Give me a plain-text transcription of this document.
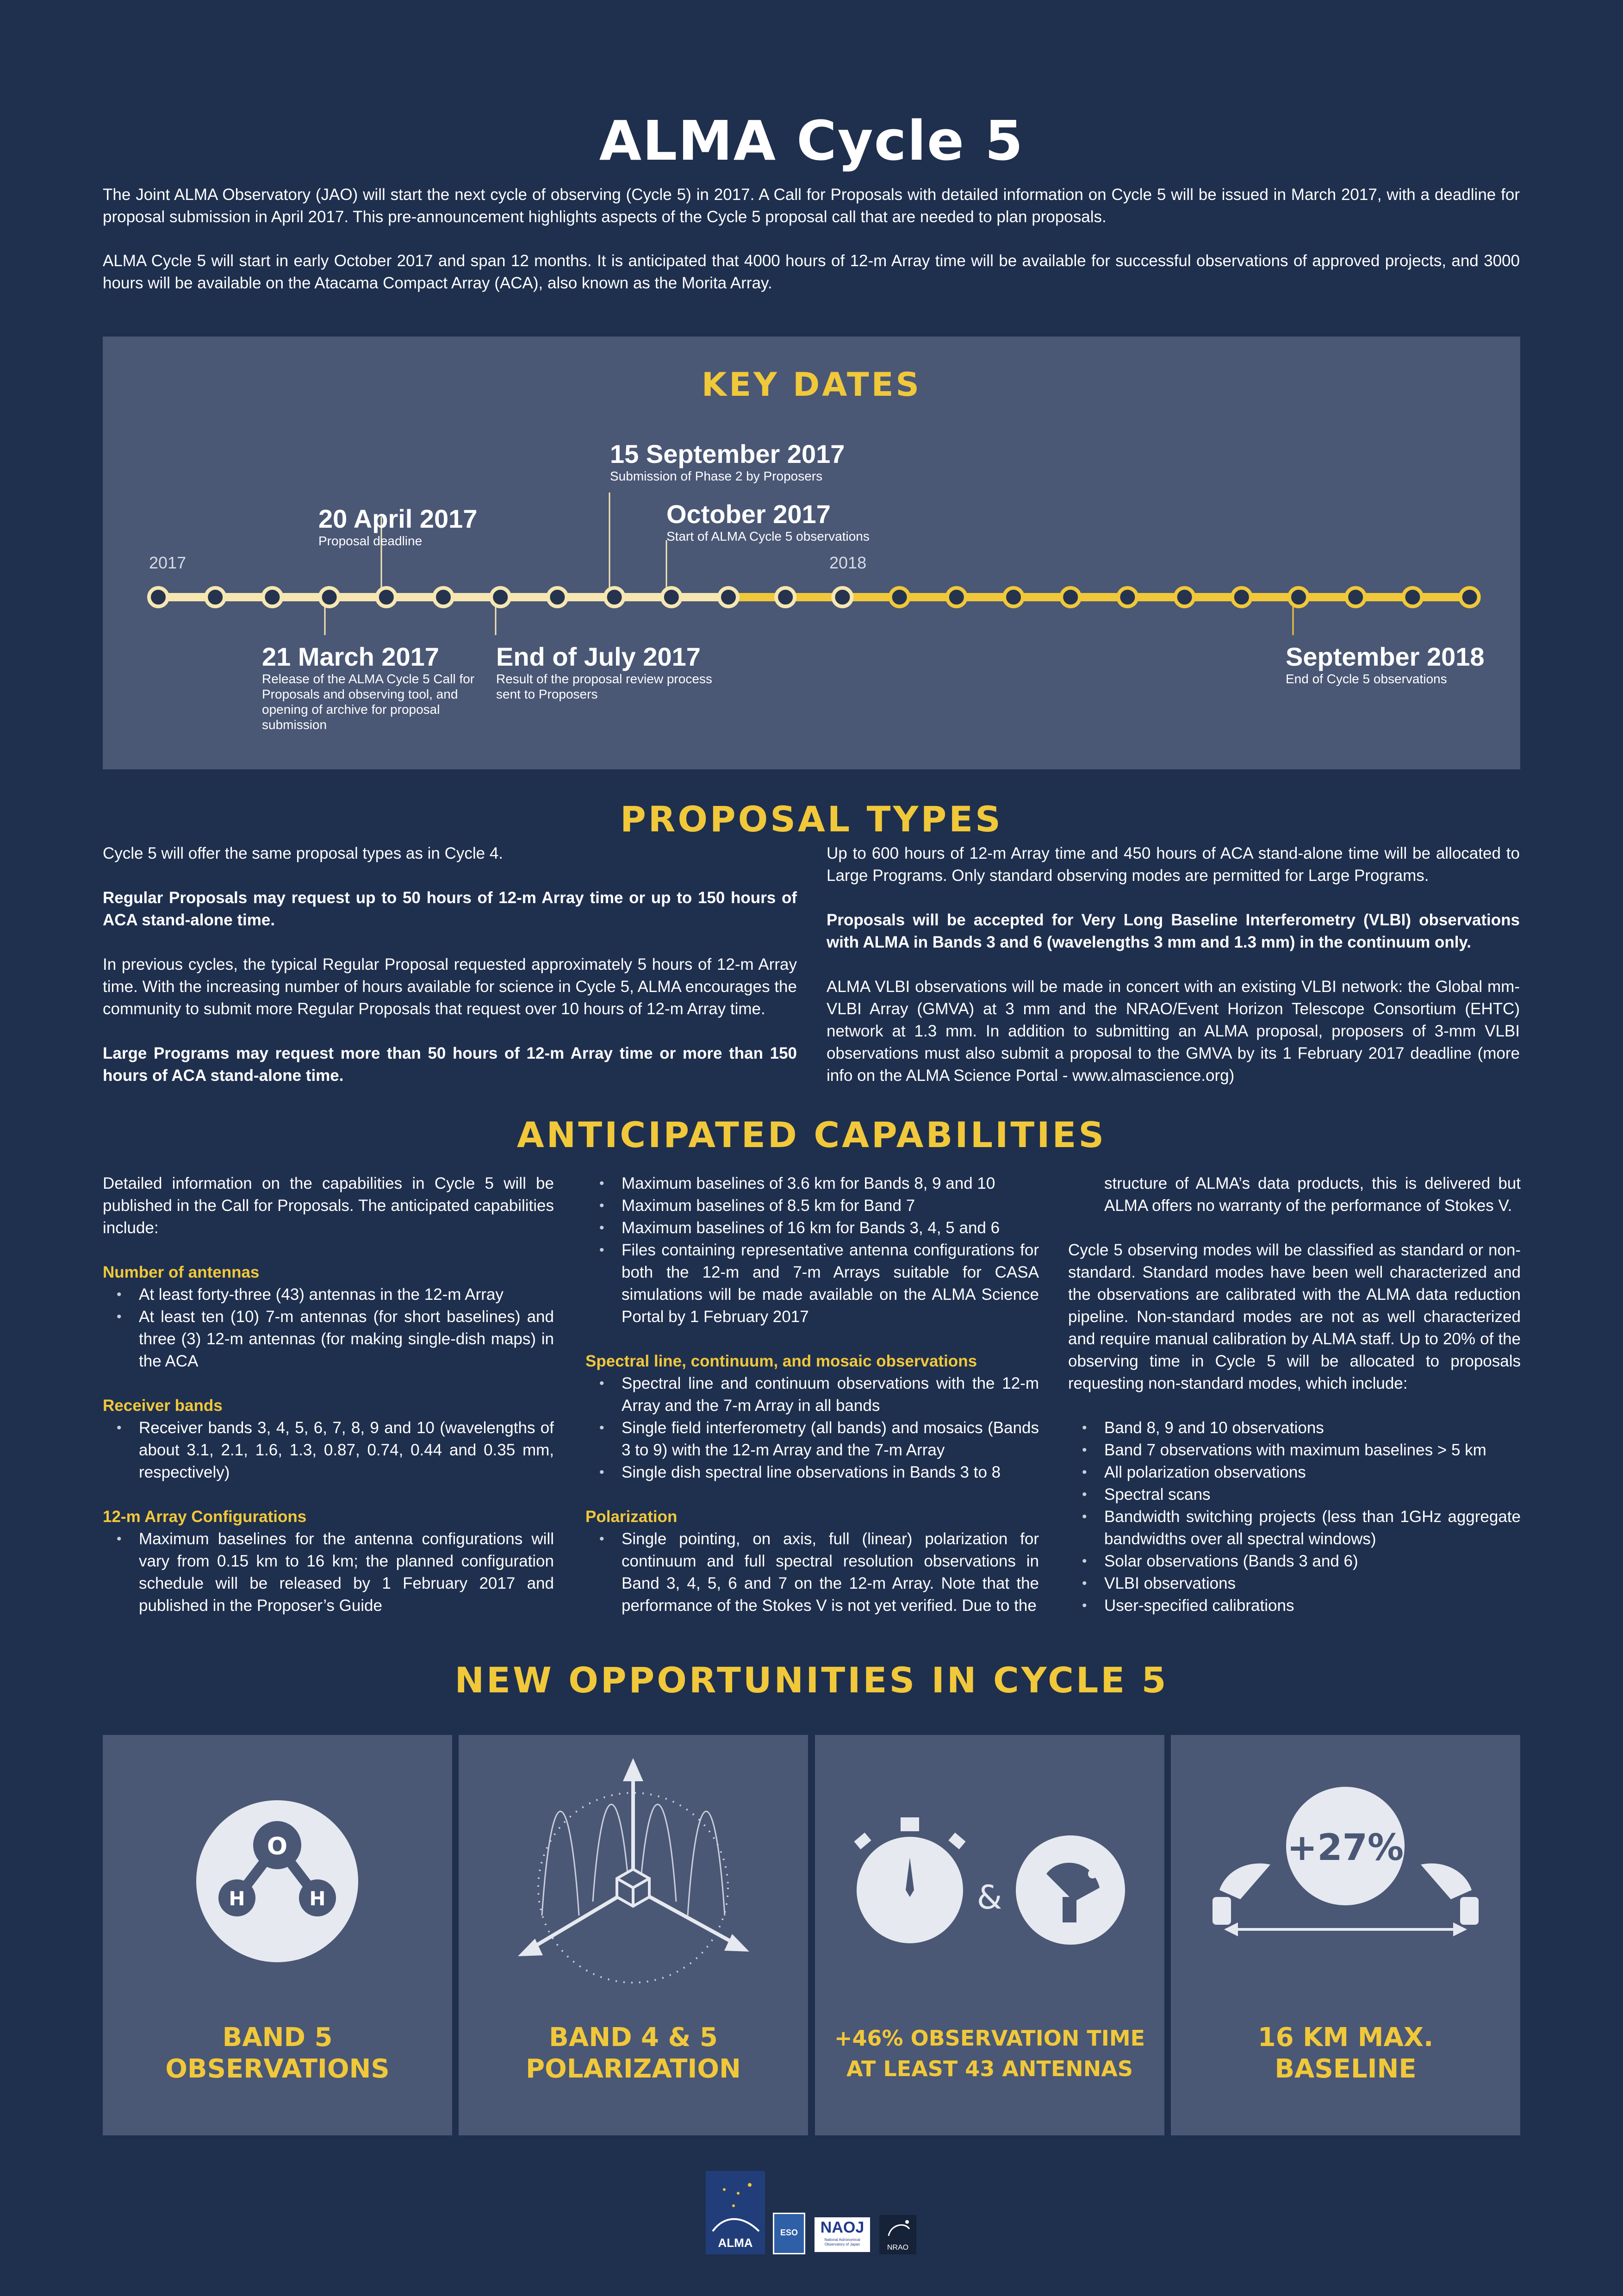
ALMA Cycle 5
The Joint ALMA Observatory (JAO) will start the next cycle of observing (Cycle 5) in 2017. A Call for Proposals with detailed information on Cycle 5 will be issued in March 2017, with a deadline for proposal submission in April 2017. This pre-announcement highlights aspects of the Cycle 5 proposal call that are needed to plan proposals.
ALMA Cycle 5 will start in early October 2017 and span 12 months. It is anticipated that 4000 hours of 12-m Array time will be available for successful observations of approved projects, and 3000 hours will be available on the Atacama Compact Array (ACA), also known as the Morita Array.
KEY DATES
2017	2018
20 April 2017
Proposal deadline
15 September 2017
Submission of Phase 2 by Proposers
October 2017
Start of ALMA Cycle 5 observations
21 March 2017
Release of the ALMA Cycle 5 Call for Proposals and observing tool, and opening of archive for proposal submission
End of July 2017
Result of the proposal review process sent to Proposers
September 2018
End of Cycle 5 observations
PROPOSAL TYPES

Cycle 5 will offer the same proposal types as in Cycle 4.

Regular Proposals may request up to 50 hours of 12-m Array time or up to 150 hours of ACA stand-alone time.

In previous cycles, the typical Regular Proposal requested approximately 5 hours of 12-m Array time. With the increasing number of hours available for science in Cycle 5, ALMA encourages the community to submit more Regular Proposals that request over 10 hours of 12-m Array time.

Large Programs may request more than 50 hours of 12-m Array time or more than 150 hours of ACA stand-alone time.

Up to 600 hours of 12-m Array time and 450 hours of ACA stand-alone time will be allocated to Large Programs. Only standard observing modes are permitted for Large Programs.

Proposals will be accepted for Very Long Baseline Interferometry (VLBI) observations with ALMA in Bands 3 and 6 (wavelengths 3 mm and 1.3 mm) in the continuum only.

ALMA VLBI observations will be made in concert with an existing VLBI network: the Global mm-VLBI Array (GMVA) at 3 mm and the NRAO/Event Horizon Telescope Consortium (EHTC) network at 1.3 mm. In addition to submitting an ALMA proposal, proposers of 3-mm VLBI observations must also submit a proposal to the GMVA by its 1 February 2017 deadline (more info on the ALMA Science Portal - www.almascience.org)

ANTICIPATED CAPABILITIES
Detailed information on the capabilities in Cycle 5 will be published in the Call for Proposals. The anticipated capabilities include:
Number of antennas
• At least forty-three (43) antennas in the 12-m Array
• At least ten (10) 7-m antennas (for short baselines) and three (3) 12-m antennas (for making single-dish maps) in the ACA
Receiver bands
• Receiver bands 3, 4, 5, 6, 7, 8, 9 and 10 (wavelengths of about 3.1, 2.1, 1.6, 1.3, 0.87, 0.74, 0.44 and 0.35 mm, respectively)
12-m Array Configurations
• Maximum baselines for the antenna configurations will vary from 0.15 km to 16 km; the planned configuration schedule will be released by 1 February 2017 and published in the Proposer’s Guide
• Maximum baselines of 3.6 km for Bands 8, 9 and 10
• Maximum baselines of 8.5 km for Band 7
• Maximum baselines of 16 km for Bands 3, 4, 5 and 6
• Files containing representative antenna configurations for both the 12-m and 7-m Arrays suitable for CASA simulations will be made available on the ALMA Science Portal by 1 February 2017
Spectral line, continuum, and mosaic observations
• Spectral line and continuum observations with the 12-m Array and the 7-m Array in all bands
• Single field interferometry (all bands) and mosaics (Bands 3 to 9) with the 12-m Array and the 7-m Array
• Single dish spectral line observations in Bands 3 to 8
Polarization
• Single pointing, on axis, full (linear) polarization for continuum and full spectral resolution observations in Band 3, 4, 5, 6 and 7 on the 12-m Array. Note that the performance of the Stokes V is not yet verified. Due to the
structure of ALMA’s data products, this is delivered but ALMA offers no warranty of the performance of Stokes V.
Cycle 5 observing modes will be classified as standard or non-standard. Standard modes have been well characterized and the observations are calibrated with the ALMA data reduction pipeline. Non-standard modes are not as well characterized and require manual calibration by ALMA staff. Up to 20% of the observing time in Cycle 5 will be allocated to proposals requesting non-standard modes, which include:
• Band 8, 9 and 10 observations
• Band 7 observations with maximum baselines > 5 km
• All polarization observations
• Spectral scans
• Bandwidth switching projects (less than 1GHz aggregate bandwidths over all spectral windows)
• Solar observations (Bands 3 and 6)
• VLBI observations
• User-specified calibrations
NEW OPPORTUNITIES IN CYCLE 5
O
H	H
BAND 5
OBSERVATIONS
BAND 4 & 5
POLARIZATION
&
+46% OBSERVATION TIME
AT LEAST 43 ANTENNAS
+27%
16 KM MAX.
BASELINE
ALMA
ESO	NAOJ
National Astronomical Observatory of Japan	NRAO
